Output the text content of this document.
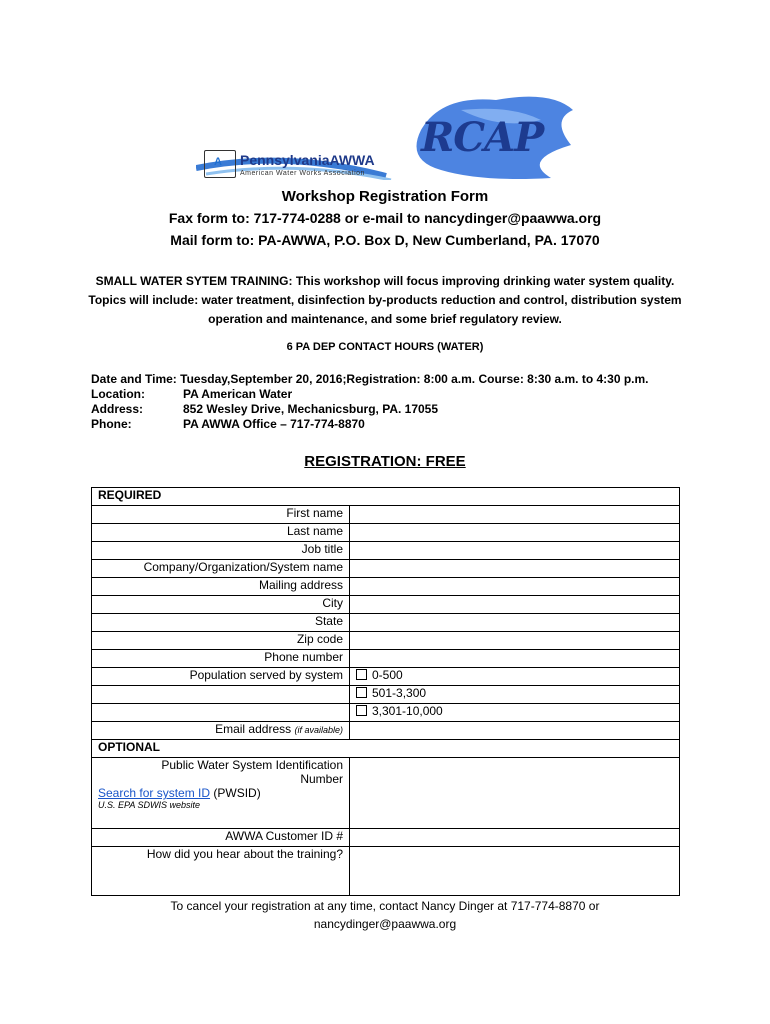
A PennsylvaniaAWWA
American Water Works Association
RCAP
Workshop Registration Form
Fax form to: 717-774-0288 or e-mail to nancydinger@paawwa.org
Mail form to: PA-AWWA, P.O. Box D, New Cumberland, PA. 17070
SMALL WATER SYTEM TRAINING: This workshop will focus improving drinking water system quality. Topics will include: water treatment, disinfection by-products reduction and control, distribution system operation and maintenance, and some brief regulatory review.
6 PA DEP CONTACT HOURS (WATER)
Date and Time: Tuesday,September 20, 2016;Registration: 8:00 a.m. Course: 8:30 a.m. to 4:30 p.m.
Location:	PA American Water
Address:	852 Wesley Drive, Mechanicsburg, PA. 17055
Phone:	PA AWWA Office – 717-774-8870
REGISTRATION: FREE
REQUIRED	
First name	
Last name	
Job title	
Company/Organization/System name	
Mailing address	
City	
State	
Zip code	
Phone number	
Population served by system	0-500
	501-3,300
	3,301-10,000
Email address (if available)	
OPTIONAL	

Public Water System Identification Number
Search for system ID (PWSID)
U.S. EPA SDWIS website	

AWWA Customer ID #	
How did you hear about the training?	
To cancel your registration at any time, contact Nancy Dinger at 717-774-8870 or
nancydinger@paawwa.org
